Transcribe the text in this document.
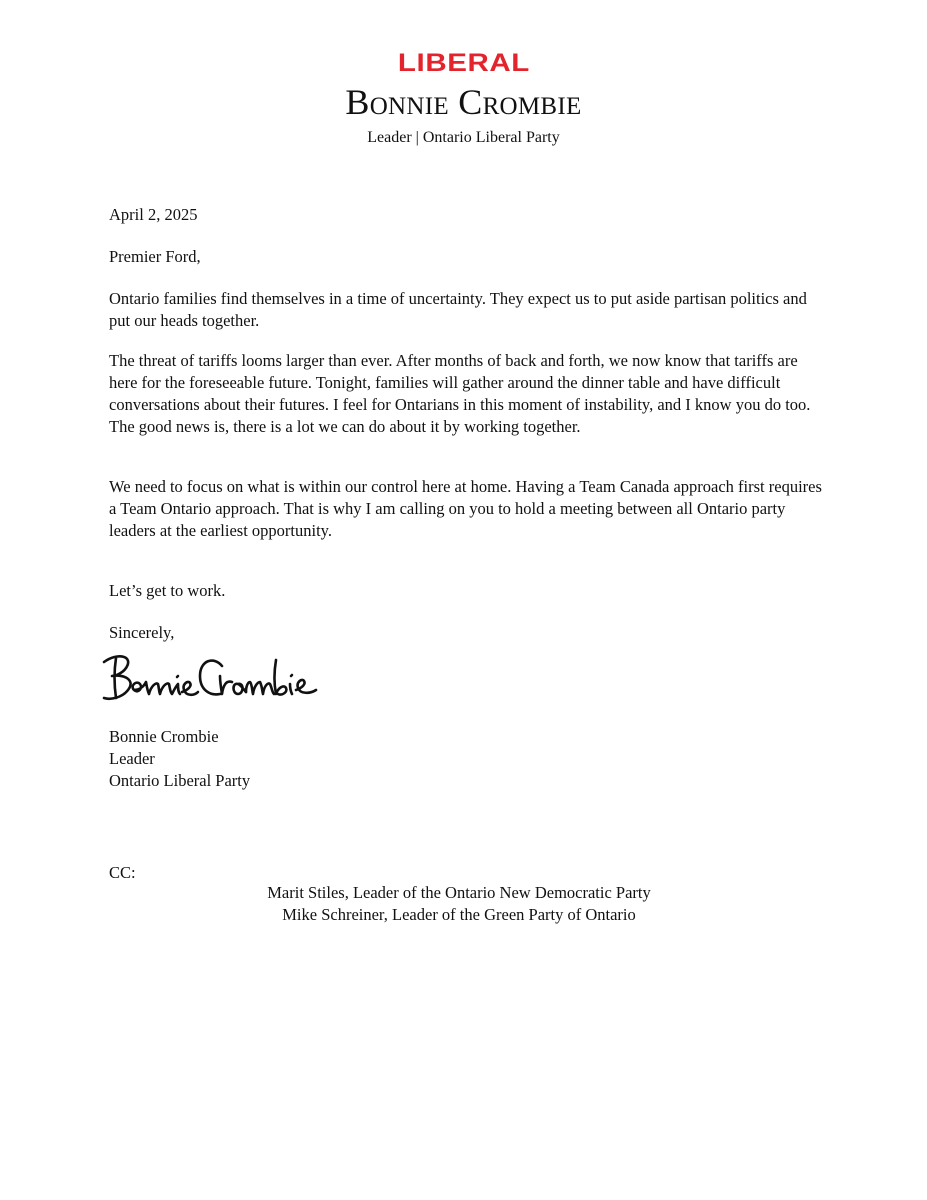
LIBERAL
Bonnie Crombie
Leader | Ontario Liberal Party
April 2, 2025
Premier Ford,
Ontario families find themselves in a time of uncertainty. They expect us to put aside partisan politics and put our heads together.
The threat of tariffs looms larger than ever. After months of back and forth, we now know that tariffs are here for the foreseeable future. Tonight, families will gather around the dinner table and have difficult conversations about their futures. I feel for Ontarians in this moment of instability, and I know you do too. The good news is, there is a lot we can do about it by working together.
We need to focus on what is within our control here at home. Having a Team Canada approach first requires a Team Ontario approach. That is why I am calling on you to hold a meeting between all Ontario party leaders at the earliest opportunity.
Let’s get to work.
Sincerely,
Bonnie Crombie
Leader
Ontario Liberal Party
CC:
Marit Stiles, Leader of the Ontario New Democratic Party
Mike Schreiner, Leader of the Green Party of Ontario
